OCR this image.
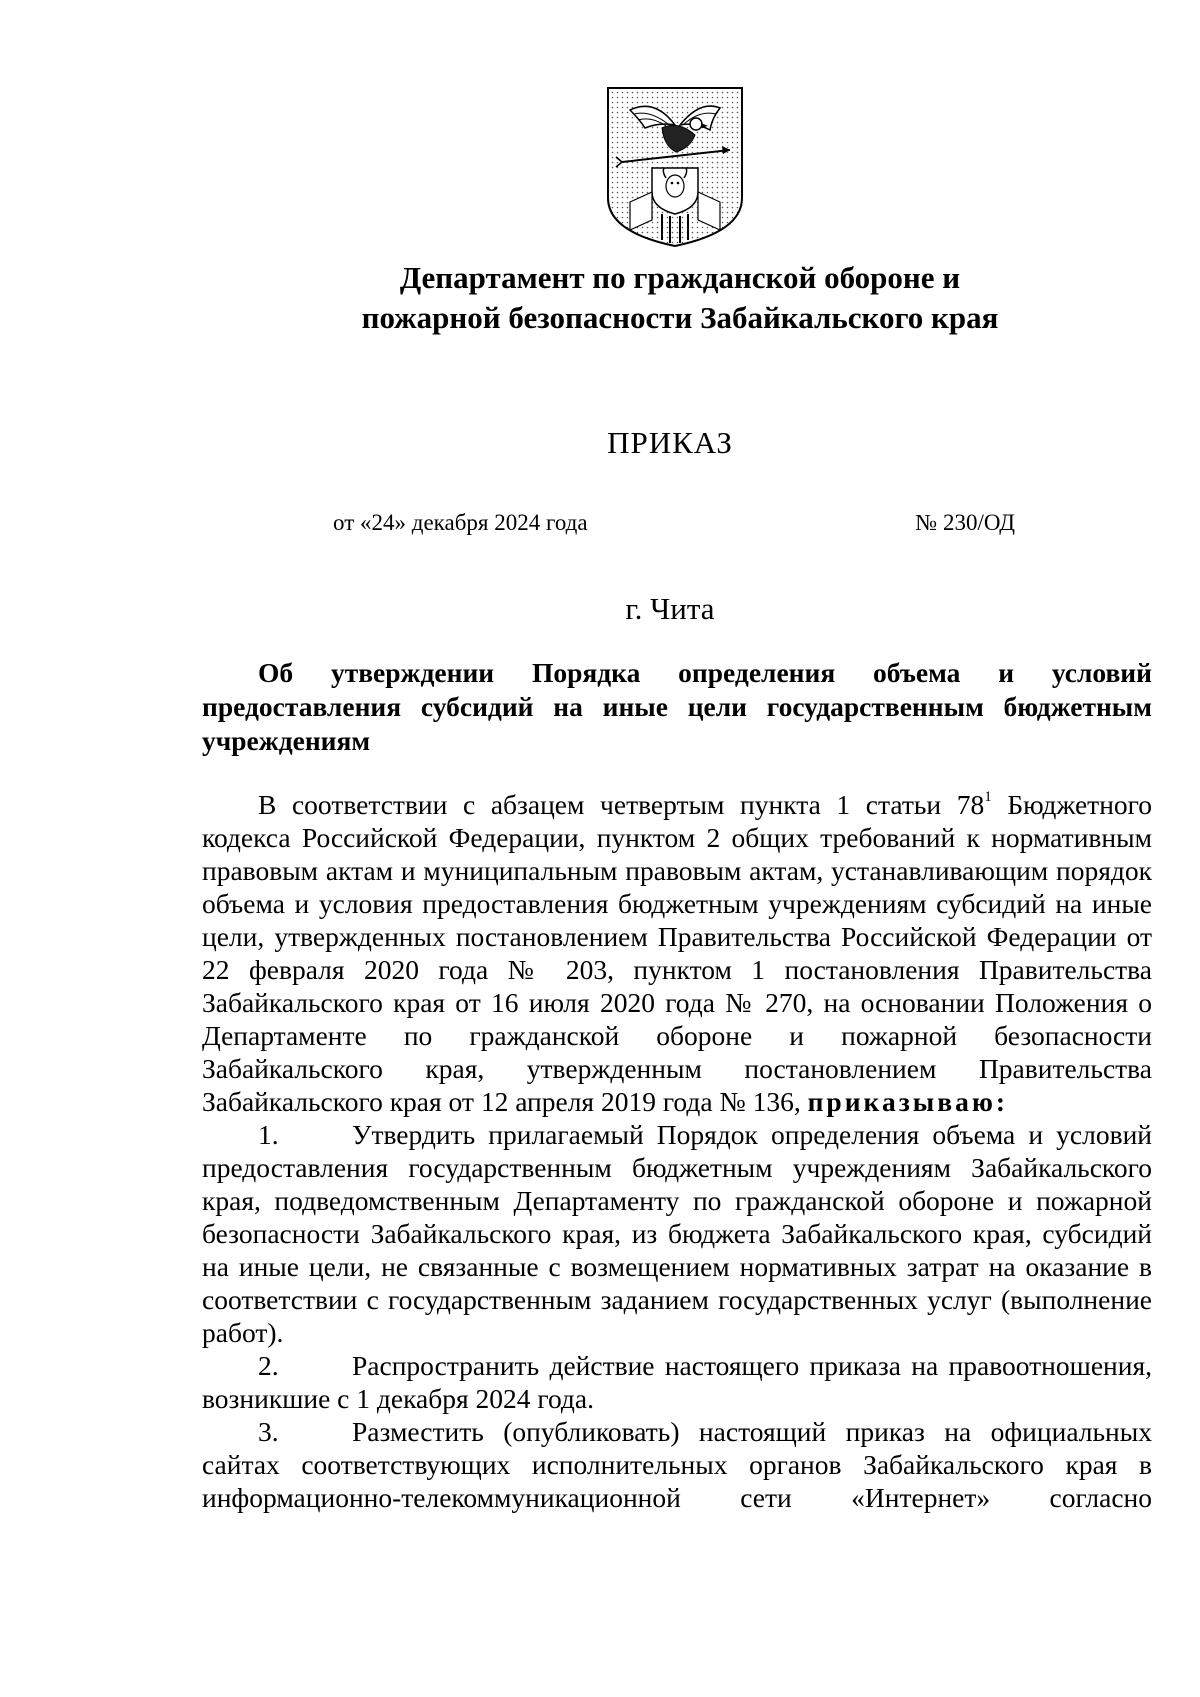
Департамент по гражданской обороне и
пожарной безопасности Забайкальского края
ПРИКАЗ
от «24» декабря 2024 года	№ 230/ОД
г. Чита

Об утверждении Порядка определения объема и условий предоставления субсидий на иные цели государственным бюджетным учреждениям

В соответствии с абзацем четвертым пункта 1 статьи $78^1$ Бюджетного кодекса Российской Федерации, пунктом 2 общих требований к нормативным правовым актам и муниципальным правовым актам, устанавливающим порядок объема и условия предоставления бюджетным учреждениям субсидий на иные цели, утвержденных постановлением Правительства Российской Федерации от 22 февраля 2020 года № 203, пунктом 1 постановления Правительства Забайкальского края от 16 июля 2020 года № 270, на основании Положения о Департаменте по гражданской обороне и пожарной безопасности Забайкальского края, утвержденным постановлением Правительства Забайкальского края от 12 апреля 2019 года № 136, приказываю:

1.	Утвердить прилагаемый Порядок определения объема и условий предоставления государственным бюджетным учреждениям Забайкальского края, подведомственным Департаменту по гражданской обороне и пожарной безопасности Забайкальского края, из бюджета Забайкальского края, субсидий на иные цели, не связанные с возмещением нормативных затрат на оказание в соответствии с государственным заданием государственных услуг (выполнение работ).

2.	Распространить действие настоящего приказа на правоотношения, возникшие с 1 декабря 2024 года.

3.	Разместить (опубликовать) настоящий приказ на официальных сайтах соответствующих исполнительных органов Забайкальского края в информационно-телекоммуникационной сети «Интернет» согласно
